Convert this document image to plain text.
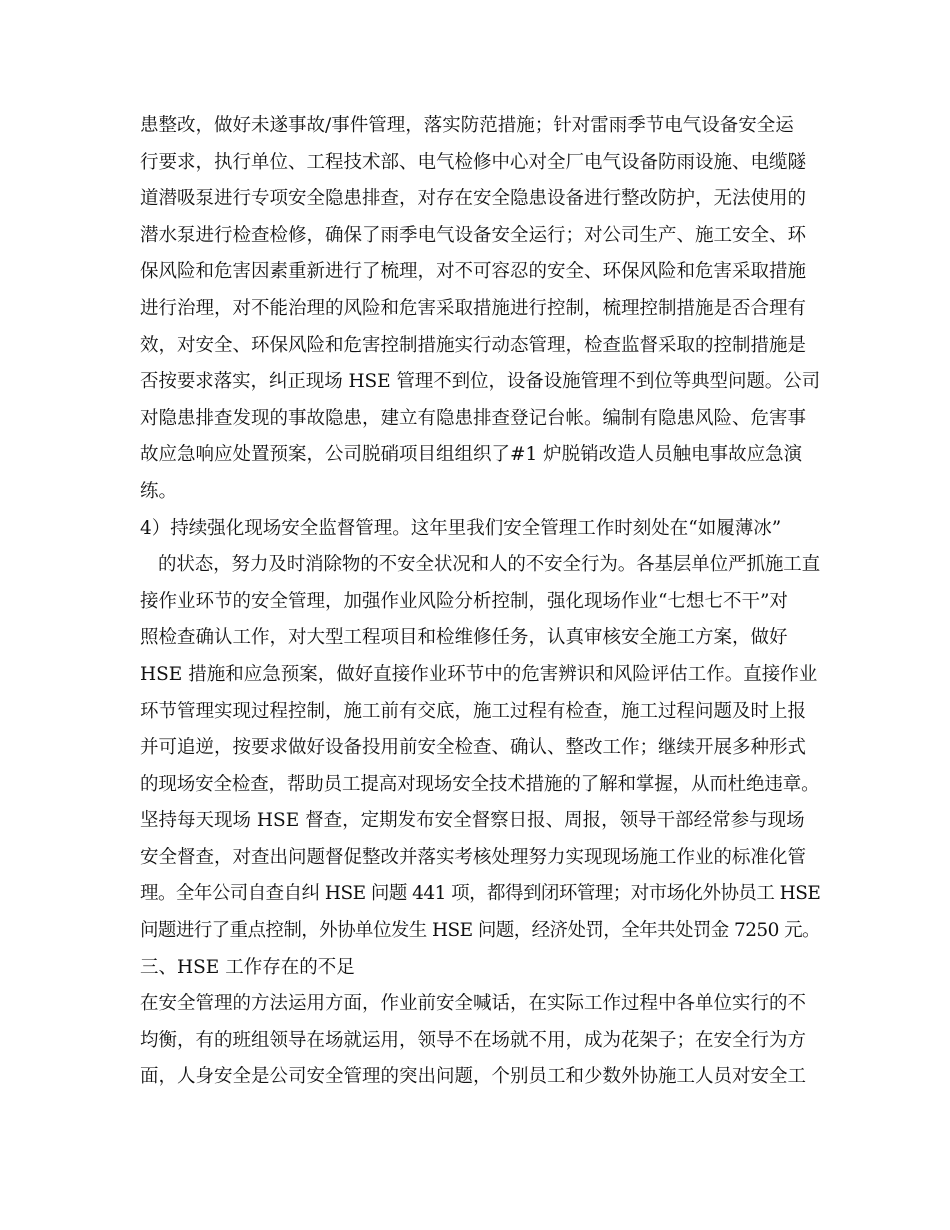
患整改，做好未遂事故/事件管理，落实防范措施；针对雷雨季节电气设备安全运
行要求，执行单位、工程技术部、电气检修中心对全厂电气设备防雨设施、电缆隧
道潜吸泵进行专项安全隐患排查，对存在安全隐患设备进行整改防护，无法使用的
潜水泵进行检查检修，确保了雨季电气设备安全运行；对公司生产、施工安全、环
保风险和危害因素重新进行了梳理，对不可容忍的安全、环保风险和危害采取措施
进行治理，对不能治理的风险和危害采取措施进行控制，梳理控制措施是否合理有
效，对安全、环保风险和危害控制措施实行动态管理，检查监督采取的控制措施是
否按要求落实，纠正现场 HSE 管理不到位，设备设施管理不到位等典型问题。公司
对隐患排查发现的事故隐患，建立有隐患排查登记台帐。编制有隐患风险、危害事
故应急响应处置预案，公司脱硝项目组组织了#1 炉脱销改造人员触电事故应急演
练。
4）持续强化现场安全监督管理。这年里我们安全管理工作时刻处在“如履薄冰”
的状态，努力及时消除物的不安全状况和人的不安全行为。各基层单位严抓施工直
接作业环节的安全管理，加强作业风险分析控制，强化现场作业“七想七不干”对
照检查确认工作，对大型工程项目和检维修任务，认真审核安全施工方案，做好
HSE 措施和应急预案，做好直接作业环节中的危害辨识和风险评估工作。直接作业
环节管理实现过程控制，施工前有交底，施工过程有检查，施工过程问题及时上报
并可追逆，按要求做好设备投用前安全检查、确认、整改工作；继续开展多种形式
的现场安全检查，帮助员工提高对现场安全技术措施的了解和掌握，从而杜绝违章。
坚持每天现场 HSE 督查，定期发布安全督察日报、周报，领导干部经常参与现场
安全督查，对查出问题督促整改并落实考核处理努力实现现场施工作业的标准化管
理。全年公司自查自纠 HSE 问题 441 项，都得到闭环管理；对市场化外协员工 HSE
问题进行了重点控制，外协单位发生 HSE 问题，经济处罚，全年共处罚金 7250 元。
三、HSE 工作存在的不足
在安全管理的方法运用方面，作业前安全喊话，在实际工作过程中各单位实行的不
均衡，有的班组领导在场就运用，领导不在场就不用，成为花架子；在安全行为方
面，人身安全是公司安全管理的突出问题，个别员工和少数外协施工人员对安全工
